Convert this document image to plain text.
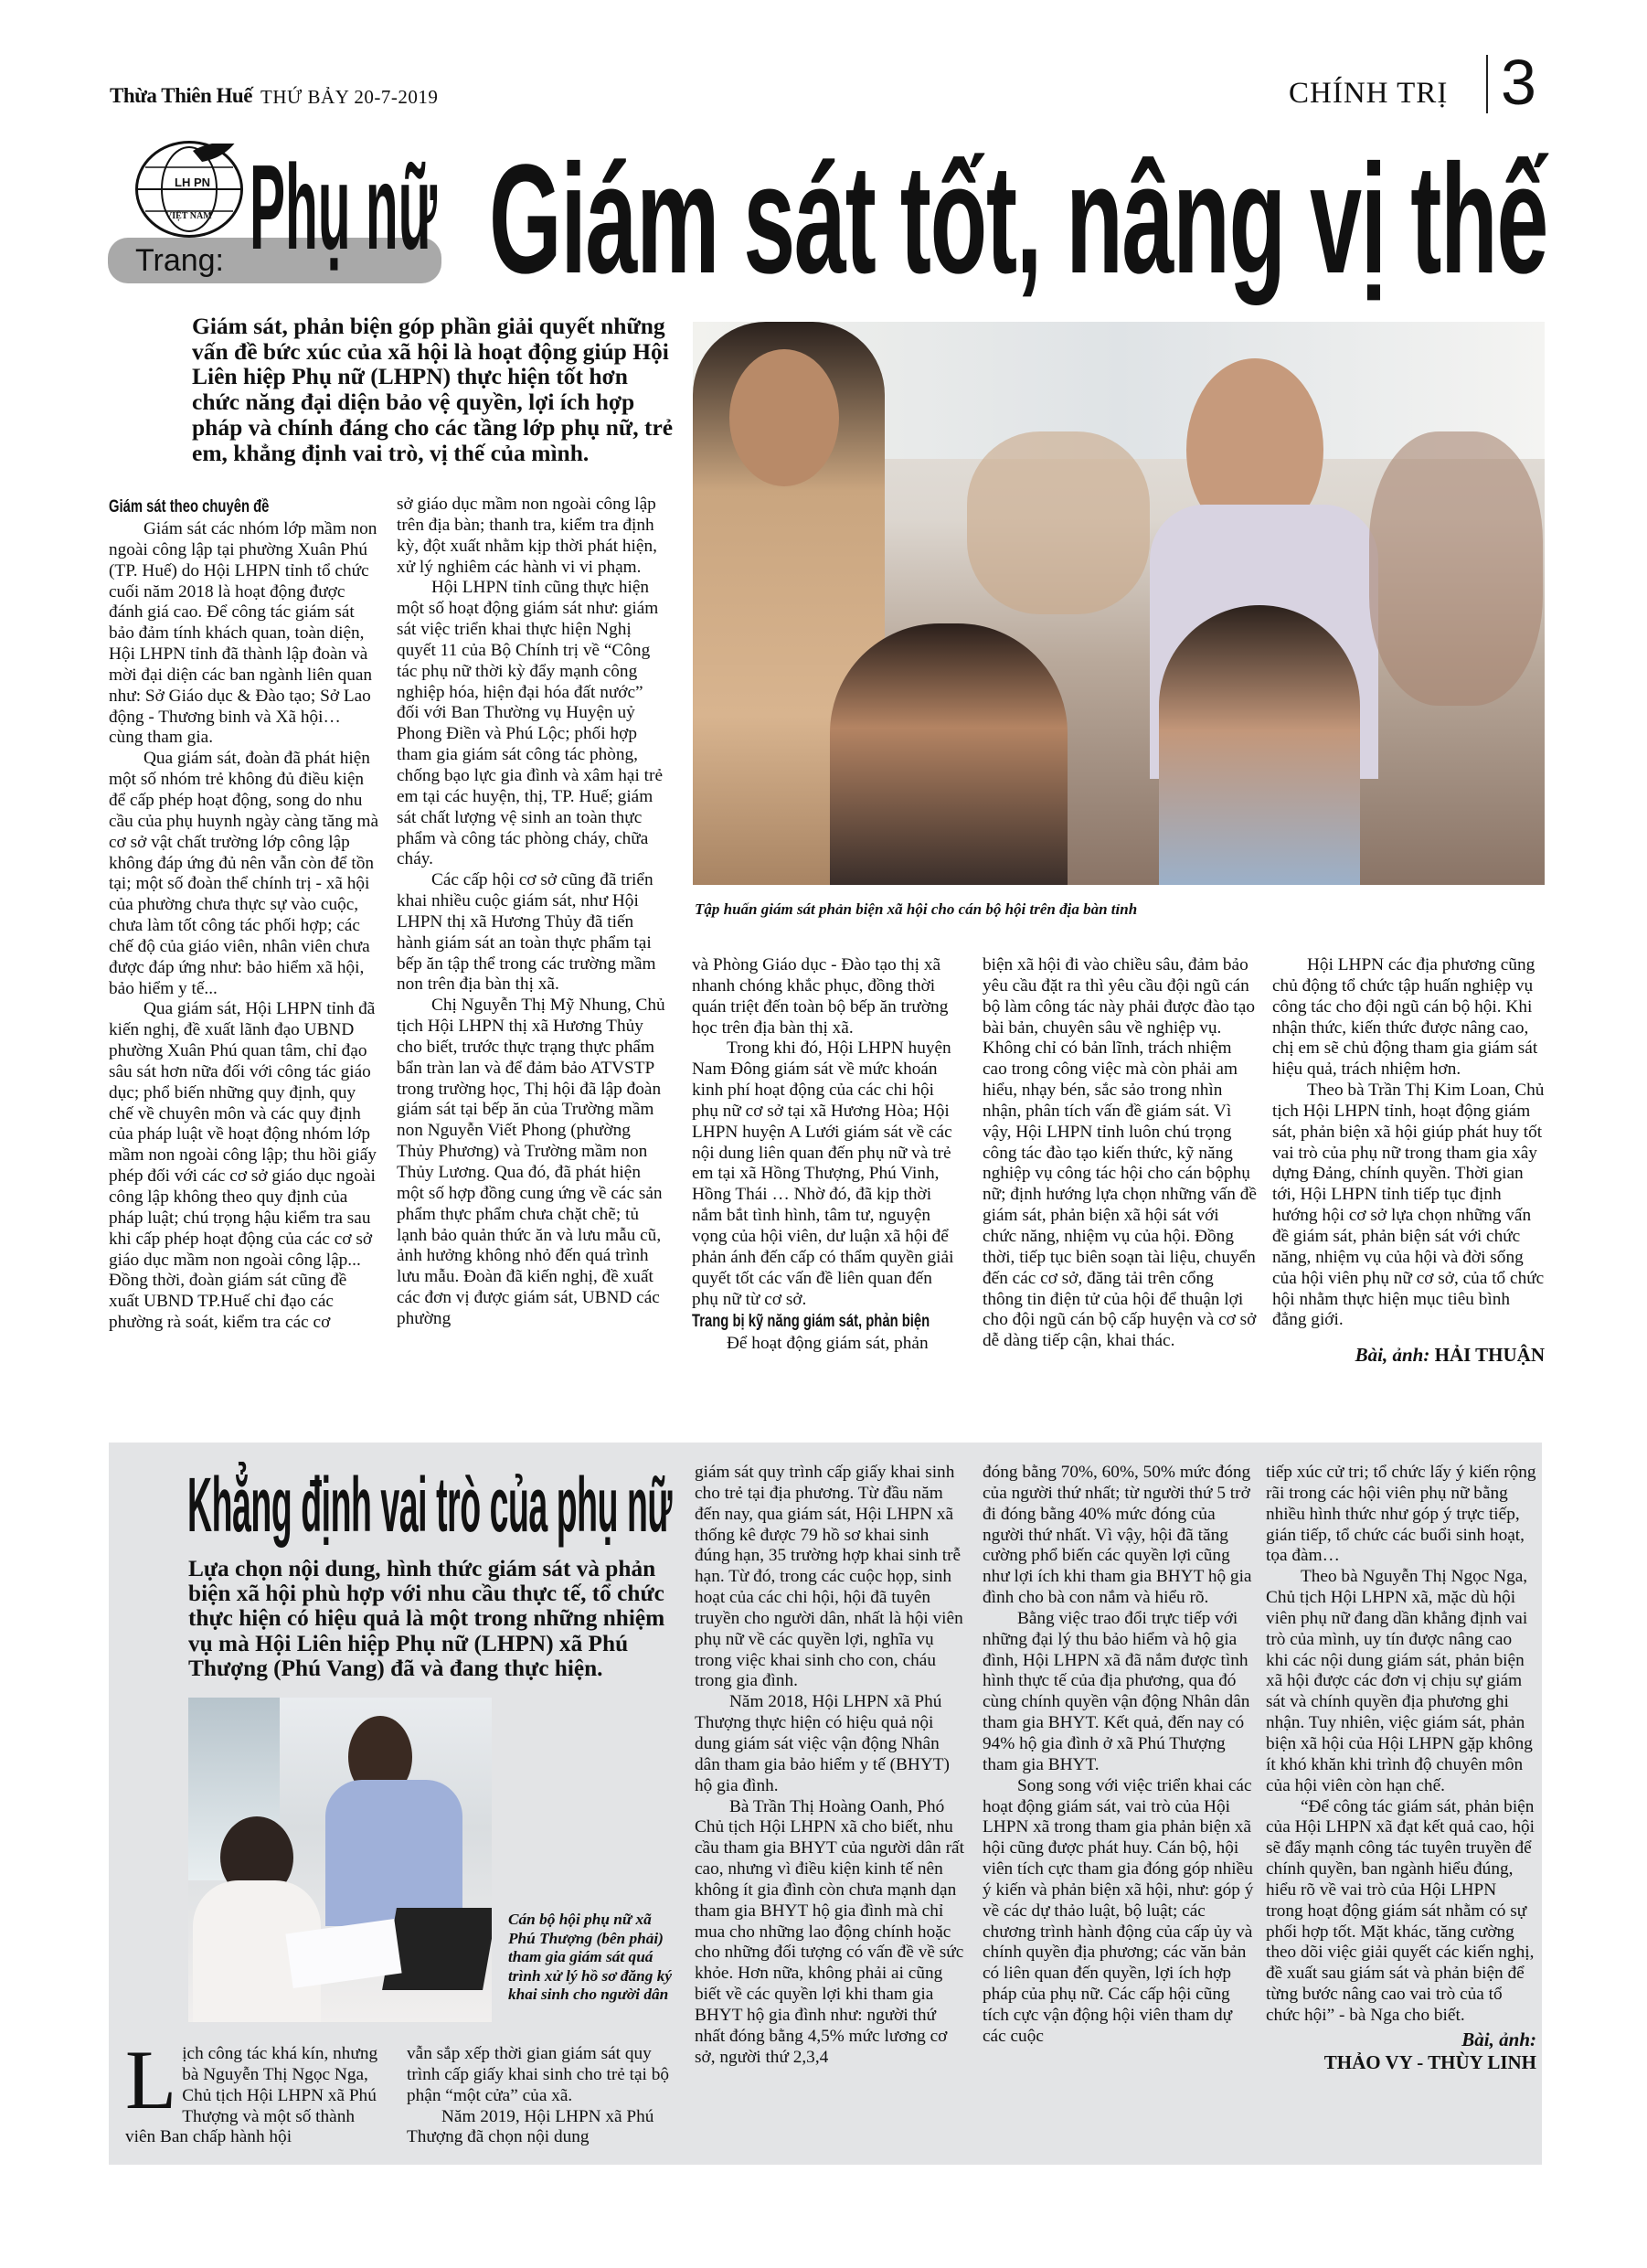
Thừa Thiên Huế THỨ BẢY 20-7-2019	CHÍNH TRỊ 3
LH PN
VIỆT NAM
Trang: Phụ nữ Giám sát tốt, nâng vị thế
Giám sát, phản biện góp phần giải quyết những vấn đề bức xúc của xã hội là hoạt động giúp Hội Liên hiệp Phụ nữ (LHPN) thực hiện tốt hơn chức năng đại diện bảo vệ quyền, lợi ích hợp pháp và chính đáng cho các tầng lớp phụ nữ, trẻ em, khẳng định vai trò, vị thế của mình.
Tập huấn giám sát phản biện xã hội cho cán bộ hội trên địa bàn tỉnh
Giám sát theo chuyên đề

Giám sát các nhóm lớp mầm non ngoài công lập tại phường Xuân Phú (TP. Huế) do Hội LHPN tỉnh tổ chức cuối năm 2018 là hoạt động được đánh giá cao. Để công tác giám sát bảo đảm tính khách quan, toàn diện, Hội LHPN tỉnh đã thành lập đoàn và mời đại diện các ban ngành liên quan như: Sở Giáo dục & Đào tạo; Sở Lao động - Thương binh và Xã hội… cùng tham gia.

Qua giám sát, đoàn đã phát hiện một số nhóm trẻ không đủ điều kiện để cấp phép hoạt động, song do nhu cầu của phụ huynh ngày càng tăng mà cơ sở vật chất trường lớp công lập không đáp ứng đủ nên vẫn còn để tồn tại; một số đoàn thể chính trị - xã hội của phường chưa thực sự vào cuộc, chưa làm tốt công tác phối hợp; các chế độ của giáo viên, nhân viên chưa được đáp ứng như: bảo hiểm xã hội, bảo hiểm y tế...

Qua giám sát, Hội LHPN tỉnh đã kiến nghị, đề xuất lãnh đạo UBND phường Xuân Phú quan tâm, chỉ đạo sâu sát hơn nữa đối với công tác giáo dục; phổ biến những quy định, quy chế về chuyên môn và các quy định của pháp luật về hoạt động nhóm lớp mầm non ngoài công lập; thu hồi giấy phép đối với các cơ sở giáo dục ngoài công lập không theo quy định của pháp luật; chú trọng hậu kiểm tra sau khi cấp phép hoạt động của các cơ sở giáo dục mầm non ngoài công lập... Đồng thời, đoàn giám sát cũng đề xuất UBND TP.Huế chỉ đạo các phường rà soát, kiểm tra các cơ

sở giáo dục mầm non ngoài công lập trên địa bàn; thanh tra, kiểm tra định kỳ, đột xuất nhằm kịp thời phát hiện, xử lý nghiêm các hành vi vi phạm.

Hội LHPN tỉnh cũng thực hiện một số hoạt động giám sát như: giám sát việc triển khai thực hiện Nghị quyết 11 của Bộ Chính trị về “Công tác phụ nữ thời kỳ đẩy mạnh công nghiệp hóa, hiện đại hóa đất nước” đối với Ban Thường vụ Huyện uỷ Phong Điền và Phú Lộc; phối hợp tham gia giám sát công tác phòng, chống bạo lực gia đình và xâm hại trẻ em tại các huyện, thị, TP. Huế; giám sát chất lượng vệ sinh an toàn thực phẩm và công tác phòng cháy, chữa cháy.

Các cấp hội cơ sở cũng đã triển khai nhiều cuộc giám sát, như Hội LHPN thị xã Hương Thủy đã tiến hành giám sát an toàn thực phẩm tại bếp ăn tập thể trong các trường mầm non trên địa bàn thị xã.

Chị Nguyễn Thị Mỹ Nhung, Chủ tịch Hội LHPN thị xã Hương Thủy cho biết, trước thực trạng thực phẩm bẩn tràn lan và để đảm bảo ATVSTP trong trường học, Thị hội đã lập đoàn giám sát tại bếp ăn của Trường mầm non Nguyễn Viết Phong (phường Thủy Phương) và Trường mầm non Thủy Lương. Qua đó, đã phát hiện một số hợp đồng cung ứng về các sản phẩm thực phẩm chưa chặt chẽ; tủ lạnh bảo quản thức ăn và lưu mẫu cũ, ảnh hưởng không nhỏ đến quá trình lưu mẫu. Đoàn đã kiến nghị, đề xuất các đơn vị được giám sát, UBND các phường

và Phòng Giáo dục - Đào tạo thị xã nhanh chóng khắc phục, đồng thời quán triệt đến toàn bộ bếp ăn trường học trên địa bàn thị xã.

Trong khi đó, Hội LHPN huyện Nam Đông giám sát về mức khoán kinh phí hoạt động của các chi hội phụ nữ cơ sở tại xã Hương Hòa; Hội LHPN huyện A Lưới giám sát về các nội dung liên quan đến phụ nữ và trẻ em tại xã Hồng Thượng, Phú Vinh, Hồng Thái … Nhờ đó, đã kịp thời nắm bắt tình hình, tâm tư, nguyện vọng của hội viên, dư luận xã hội để phản ánh đến cấp có thẩm quyền giải quyết tốt các vấn đề liên quan đến phụ nữ từ cơ sở.

Trang bị kỹ năng giám sát, phản biện

Để hoạt động giám sát, phản

biện xã hội đi vào chiều sâu, đảm bảo yêu cầu đặt ra thì yêu cầu đội ngũ cán bộ làm công tác này phải được đào tạo bài bản, chuyên sâu về nghiệp vụ. Không chỉ có bản lĩnh, trách nhiệm cao trong công việc mà còn phải am hiểu, nhạy bén, sắc sảo trong nhìn nhận, phân tích vấn đề giám sát. Vì vậy, Hội LHPN tỉnh luôn chú trọng công tác đào tạo kiến thức, kỹ năng nghiệp vụ công tác hội cho cán bộphụ nữ; định hướng lựa chọn những vấn đề giám sát, phản biện xã hội sát với chức năng, nhiệm vụ của hội. Đồng thời, tiếp tục biên soạn tài liệu, chuyển đến các cơ sở, đăng tải trên cổng thông tin điện tử của hội để thuận lợi cho đội ngũ cán bộ cấp huyện và cơ sở dễ dàng tiếp cận, khai thác.

Hội LHPN các địa phương cũng chủ động tổ chức tập huấn nghiệp vụ công tác cho đội ngũ cán bộ hội. Khi nhận thức, kiến thức được nâng cao, chị em sẽ chủ động tham gia giám sát hiệu quả, trách nhiệm hơn.

Theo bà Trần Thị Kim Loan, Chủ tịch Hội LHPN tỉnh, hoạt động giám sát, phản biện xã hội giúp phát huy tốt vai trò của phụ nữ trong tham gia xây dựng Đảng, chính quyền. Thời gian tới, Hội LHPN tỉnh tiếp tục định hướng hội cơ sở lựa chọn những vấn đề giám sát, phản biện sát với chức năng, nhiệm vụ của hội và đời sống của hội viên phụ nữ cơ sở, của tổ chức hội nhằm thực hiện mục tiêu bình đẳng giới.

Bài, ảnh: HẢI THUẬN
Khẳng định vai trò của phụ nữ
Lựa chọn nội dung, hình thức giám sát và phản biện xã hội phù hợp với nhu cầu thực tế, tổ chức thực hiện có hiệu quả là một trong những nhiệm vụ mà Hội Liên hiệp Phụ nữ (LHPN) xã Phú Thượng (Phú Vang) đã và đang thực hiện.
Cán bộ hội phụ nữ xã Phú Thượng (bên phải) tham gia giám sát quá trình xử lý hồ sơ đăng ký khai sinh cho người dân
L ịch công tác khá kín, nhưng bà Nguyễn Thị Ngọc Nga, Chủ tịch Hội LHPN xã Phú Thượng và một số thành viên Ban chấp hành hội

vẫn sắp xếp thời gian giám sát quy trình cấp giấy khai sinh cho trẻ tại bộ phận “một cửa” của xã.

Năm 2019, Hội LHPN xã Phú Thượng đã chọn nội dung

giám sát quy trình cấp giấy khai sinh cho trẻ tại địa phương. Từ đầu năm đến nay, qua giám sát, Hội LHPN xã thống kê được 79 hồ sơ khai sinh đúng hạn, 35 trường hợp khai sinh trễ hạn. Từ đó, trong các cuộc họp, sinh hoạt của các chi hội, hội đã tuyên truyền cho người dân, nhất là hội viên phụ nữ về các quyền lợi, nghĩa vụ trong việc khai sinh cho con, cháu trong gia đình.

Năm 2018, Hội LHPN xã Phú Thượng thực hiện có hiệu quả nội dung giám sát việc vận động Nhân dân tham gia bảo hiểm y tế (BHYT) hộ gia đình.

Bà Trần Thị Hoàng Oanh, Phó Chủ tịch Hội LHPN xã cho biết, nhu cầu tham gia BHYT của người dân rất cao, nhưng vì điều kiện kinh tế nên không ít gia đình còn chưa mạnh dạn tham gia BHYT hộ gia đình mà chỉ mua cho những lao động chính hoặc cho những đối tượng có vấn đề về sức khỏe. Hơn nữa, không phải ai cũng biết về các quyền lợi khi tham gia BHYT hộ gia đình như: người thứ nhất đóng bằng 4,5% mức lương cơ sở, người thứ 2,3,4

đóng bằng 70%, 60%, 50% mức đóng của người thứ nhất; từ người thứ 5 trở đi đóng bằng 40% mức đóng của người thứ nhất. Vì vậy, hội đã tăng cường phổ biến các quyền lợi cũng như lợi ích khi tham gia BHYT hộ gia đình cho bà con nắm và hiểu rõ.

Bằng việc trao đổi trực tiếp với những đại lý thu bảo hiểm và hộ gia đình, Hội LHPN xã đã nắm được tình hình thực tế của địa phương, qua đó cùng chính quyền vận động Nhân dân tham gia BHYT. Kết quả, đến nay có 94% hộ gia đình ở xã Phú Thượng tham gia BHYT.

Song song với việc triển khai các hoạt động giám sát, vai trò của Hội LHPN xã trong tham gia phản biện xã hội cũng được phát huy. Cán bộ, hội viên tích cực tham gia đóng góp nhiều ý kiến và phản biện xã hội, như: góp ý về các dự thảo luật, bộ luật; các chương trình hành động của cấp ủy và chính quyền địa phương; các văn bản có liên quan đến quyền, lợi ích hợp pháp của phụ nữ. Các cấp hội cũng tích cực vận động hội viên tham dự các cuộc

tiếp xúc cử tri; tổ chức lấy ý kiến rộng rãi trong các hội viên phụ nữ bằng nhiều hình thức như góp ý trực tiếp, gián tiếp, tổ chức các buổi sinh hoạt, tọa đàm…

Theo bà Nguyễn Thị Ngọc Nga, Chủ tịch Hội LHPN xã, mặc dù hội viên phụ nữ đang dần khẳng định vai trò của mình, uy tín được nâng cao khi các nội dung giám sát, phản biện xã hội được các đơn vị chịu sự giám sát và chính quyền địa phương ghi nhận. Tuy nhiên, việc giám sát, phản biện xã hội của Hội LHPN gặp không ít khó khăn khi trình độ chuyên môn của hội viên còn hạn chế.

“Để công tác giám sát, phản biện của Hội LHPN xã đạt kết quả cao, hội sẽ đẩy mạnh công tác tuyên truyền để chính quyền, ban ngành hiểu đúng, hiểu rõ về vai trò của Hội LHPN trong hoạt động giám sát nhằm có sự phối hợp tốt. Mặt khác, tăng cường theo dõi việc giải quyết các kiến nghị, đề xuất sau giám sát và phản biện để từng bước nâng cao vai trò của tổ chức hội” - bà Nga cho biết.

Bài, ảnh:
THẢO VY - THÙY LINH
